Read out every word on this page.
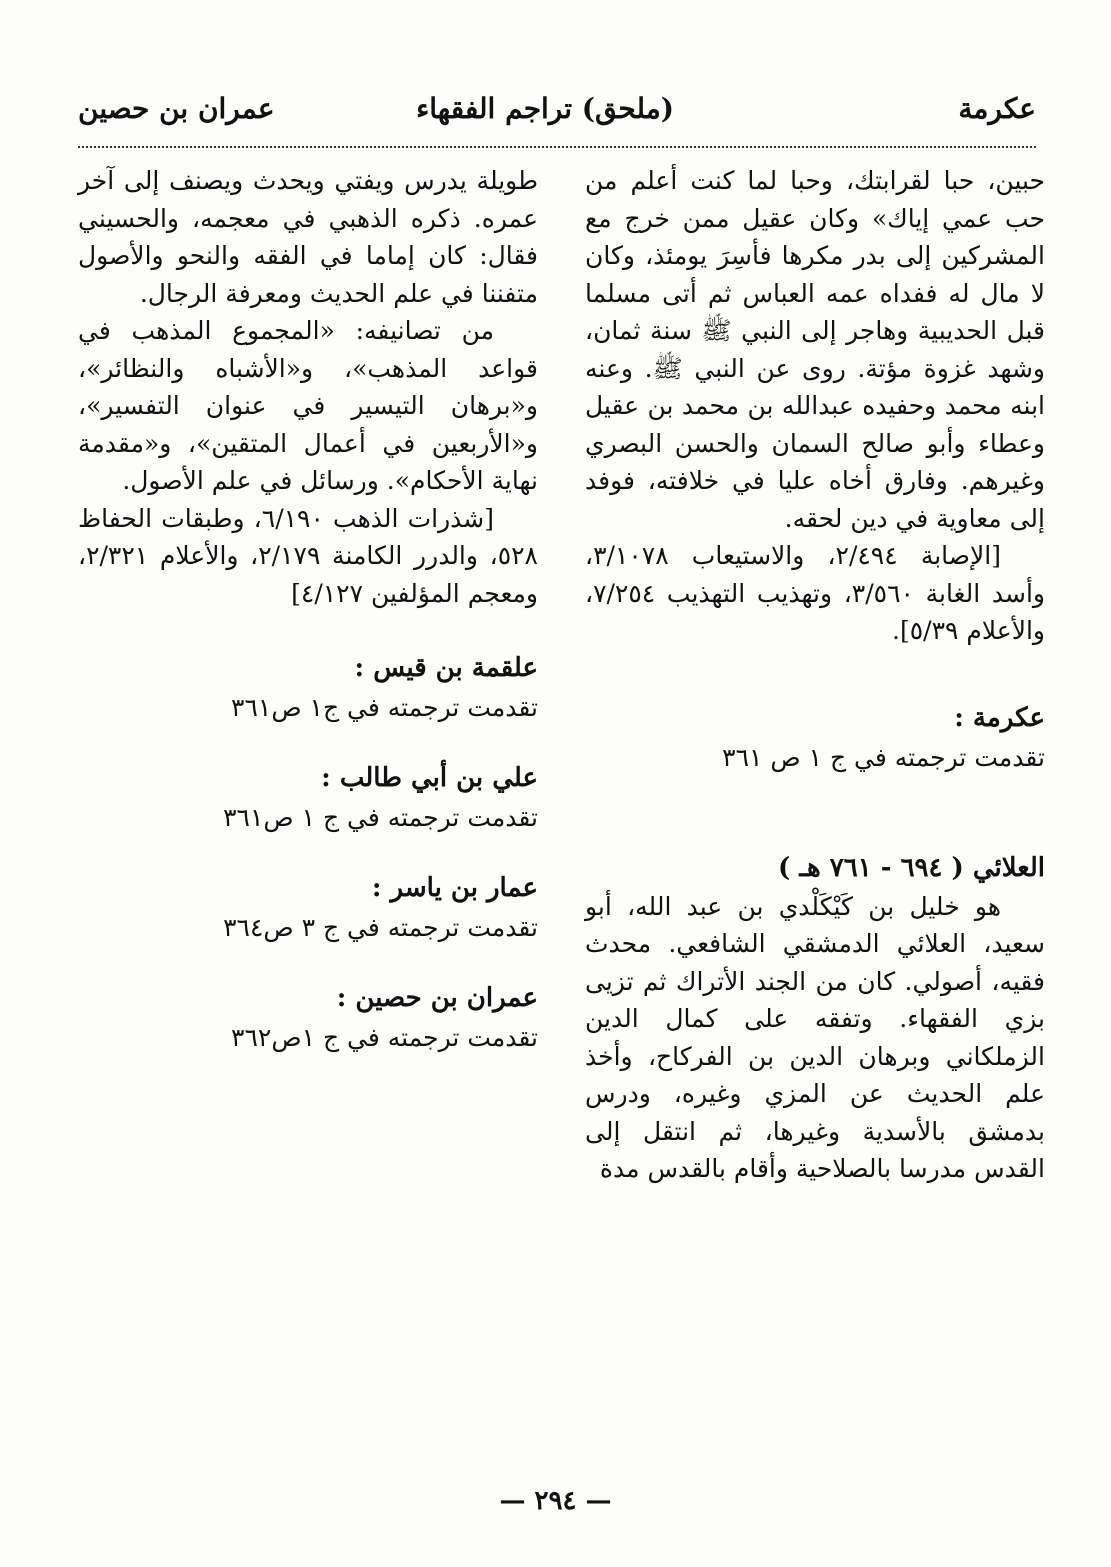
عكرمة
(ملحق) تراجم الفقهاء
عمران بن حصين

حبين، حبا لقرابتك، وحبا لما كنت أعلم من حب عمي إياك» وكان عقيل ممن خرج مع المشركين إلى بدر مكرها فأسِرَ يومئذ، وكان لا مال له ففداه عمه العباس ثم أتى مسلما قبل الحديبية وهاجر إلى النبي ﷺ سنة ثمان، وشهد غزوة مؤتة. روى عن النبي ﷺ. وعنه ابنه محمد وحفيده عبدالله بن محمد بن عقيل وعطاء وأبو صالح السمان والحسن البصري وغيرهم. وفارق أخاه عليا في خلافته، فوفد إلى معاوية في دين لحقه.

[الإصابة ٢/٤٩٤، والاستيعاب ٣/١٠٧٨، وأسد الغابة ٣/٥٦٠، وتهذيب التهذيب ٧/٢٥٤، والأعلام ٥/٣٩].

عكرمة :

تقدمت ترجمته في ج ١ ص ٣٦١

العلائي ( ٦٩٤ - ٧٦١ هـ )

هو خليل بن كَيْكَلْدي بن عبد الله، أبو سعيد، العلائي الدمشقي الشافعي. محدث فقيه، أصولي. كان من الجند الأتراك ثم تزيى بزي الفقهاء. وتفقه على كمال الدين الزملكاني وبرهان الدين بن الفركاح، وأخذ علم الحديث عن المزي وغيره، ودرس بدمشق بالأسدية وغيرها، ثم انتقل إلى القدس مدرسا بالصلاحية وأقام بالقدس مدة

طويلة يدرس ويفتي ويحدث ويصنف إلى آخر عمره. ذكره الذهبي في معجمه، والحسيني فقال: كان إماما في الفقه والنحو والأصول متفننا في علم الحديث ومعرفة الرجال.

من تصانيفه: «المجموع المذهب في قواعد المذهب»، و«الأشباه والنظائر»، و«برهان التيسير في عنوان التفسير»، و«الأربعين في أعمال المتقين»، و«مقدمة نهاية الأحكام». ورسائل في علم الأصول.

[شذرات الذهب ٦/١٩٠، وطبقات الحفاظ ٥٢٨، والدرر الكامنة ٢/١٧٩، والأعلام ٢/٣٢١، ومعجم المؤلفين ٤/١٢٧]

علقمة بن قيس :

تقدمت ترجمته في ج١ ص٣٦١

علي بن أبي طالب :

تقدمت ترجمته في ج ١ ص٣٦١

عمار بن ياسر :

تقدمت ترجمته في ج ٣ ص٣٦٤

عمران بن حصين :

تقدمت ترجمته في ج ١ص٣٦٢

— ٢٩٤ —
